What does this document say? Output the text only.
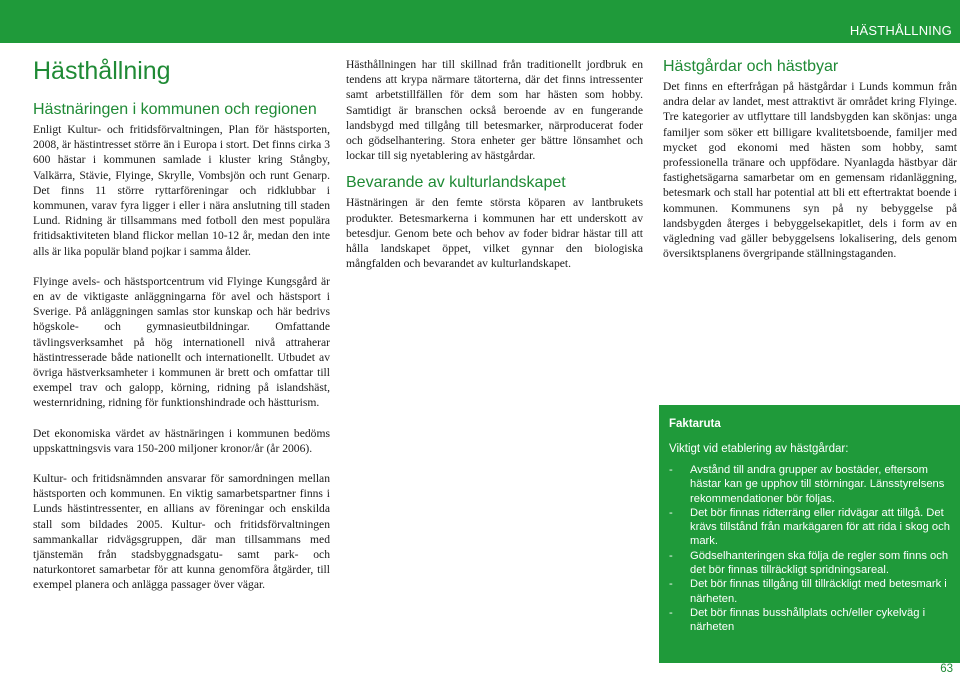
HÄSTHÅLLNING
Hästhållning
Hästnäringen i kommunen och regionen

Enligt Kultur- och fritidsförvaltningen, Plan för hästsporten, 2008, är hästintresset större än i Europa i stort. Det finns cirka 3 600 hästar i kommunen samlade i kluster kring Stångby, Valkärra, Stävie, Flyinge, Skrylle, Vombsjön och runt Genarp. Det finns 11 större ryttarföreningar och ridklubbar i kommunen, varav fyra ligger i eller i nära anslutning till staden Lund. Ridning är tillsammans med fotboll den mest populära fritidsaktiviteten bland flickor mellan 10-12 år, medan den inte alls är lika populär bland pojkar i samma ålder.

Flyinge avels- och hästsportcentrum vid Flyinge Kungsgård är en av de viktigaste anläggningarna för avel och hästsport i Sverige. På anläggningen samlas stor kunskap och här bedrivs högskole- och gymnasieutbildningar. Omfattande tävlingsverksamhet på hög internationell nivå attraherar hästintresserade både nationellt och internationellt. Utbudet av övriga hästverksamheter i kommunen är brett och omfattar till exempel trav och galopp, körning, ridning på islandshäst, westernridning, ridning för funktionshindrade och hästturism.

Det ekonomiska värdet av hästnäringen i kommunen bedöms uppskattningsvis vara 150-200 miljoner kronor/år (år 2006).

Kultur- och fritidsnämnden ansvarar för samordningen mellan hästsporten och kommunen. En viktig samarbetspartner finns i Lunds hästintressenter, en allians av föreningar och enskilda stall som bildades 2005. Kultur- och fritidsförvaltningen sammankallar ridvägsgruppen, där man tillsammans med tjänstemän från stadsbyggnadsgatu- samt park- och naturkontoret samarbetar för att kunna genomföra åtgärder, till exempel planera och anlägga passager över vägar.

Hästhållningen har till skillnad från traditionellt jordbruk en tendens att krypa närmare tätorterna, där det finns intressenter samt arbetstillfällen för dem som har hästen som hobby. Samtidigt är branschen också beroende av en fungerande landsbygd med tillgång till betesmarker, närproducerat foder och gödselhantering. Stora enheter ger bättre lönsamhet och lockar till sig nyetablering av hästgårdar.

Bevarande av kulturlandskapet

Hästnäringen är den femte största köparen av lantbrukets produkter. Betesmarkerna i kommunen har ett underskott av betesdjur. Genom bete och behov av foder bidrar hästar till att hålla landskapet öppet, vilket gynnar den biologiska mångfalden och bevarandet av kulturlandskapet.

Hästgårdar och hästbyar

Det finns en efterfrågan på hästgårdar i Lunds kommun från andra delar av landet, mest attraktivt är området kring Flyinge. Tre kategorier av utflyttare till landsbygden kan skönjas: unga familjer som söker ett billigare kvalitetsboende, familjer med mycket god ekonomi med hästen som hobby, samt professionella tränare och uppfödare. Nyanlagda hästbyar där fastighetsägarna samarbetar om en gemensam ridanläggning, betesmark och stall har potential att bli ett eftertraktat boende i kommunen. Kommunens syn på ny bebyggelse på landsbygden återges i bebyggelsekapitlet, dels i form av en vägledning vad gäller bebyggelsens lokalisering, dels genom översiktsplanens övergripande ställningstaganden.

Faktaruta
Viktigt vid etablering av hästgårdar:
- Avstånd till andra grupper av bostäder, eftersom hästar kan ge upphov till störningar. Länsstyrelsens rekommendationer bör följas.
- Det bör finnas ridterräng eller ridvägar att tillgå. Det krävs tillstånd från markägaren för att rida i skog och mark.
- Gödselhanteringen ska följa de regler som finns och det bör finnas tillräckligt spridningsareal.
- Det bör finnas tillgång till tillräckligt med betesmark i närheten.
- Det bör finnas busshållplats och/eller cykelväg i närheten
63
